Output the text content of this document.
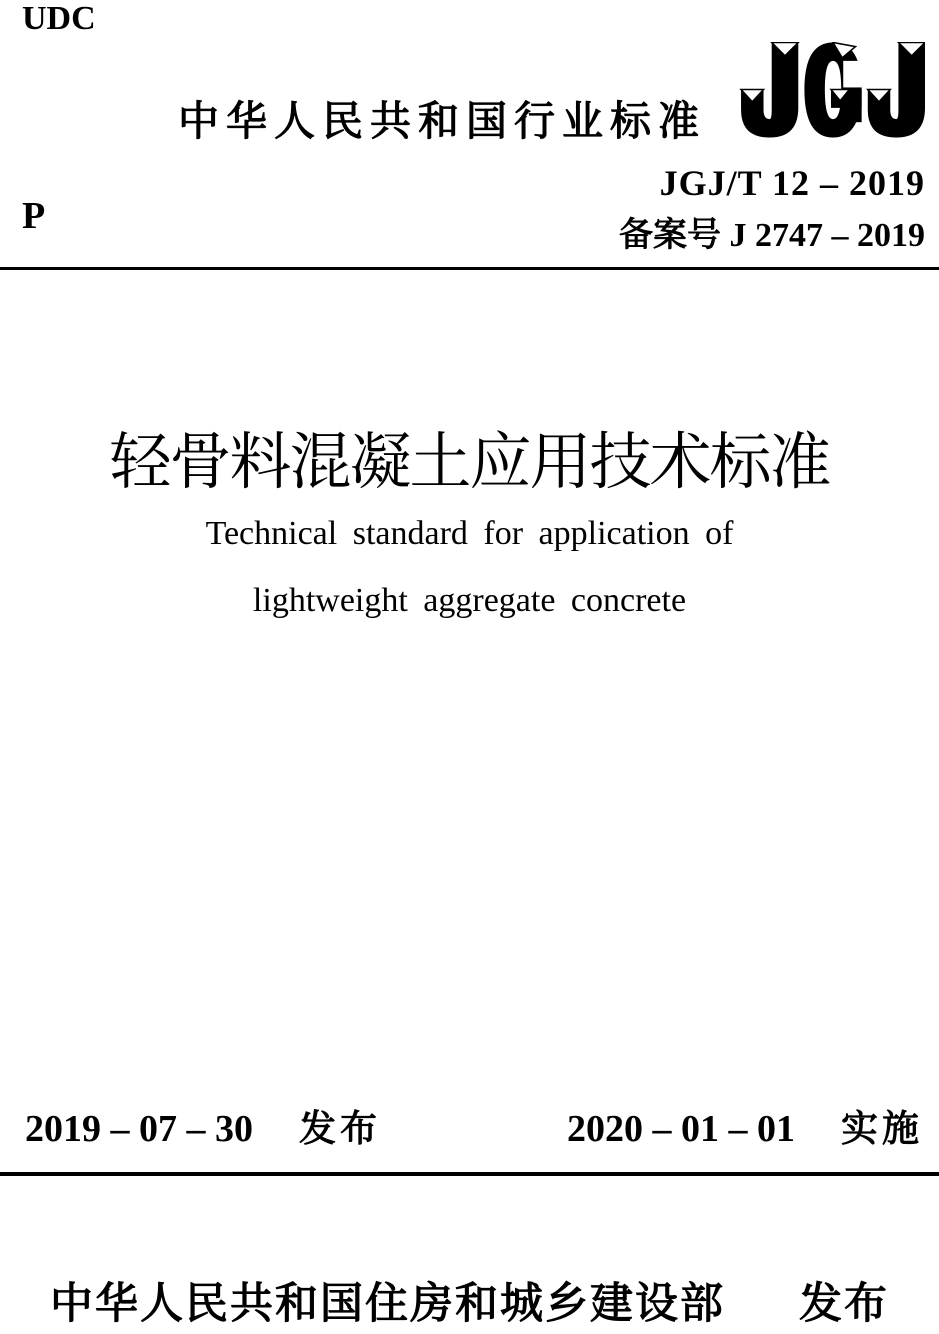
UDC
中华人民共和国行业标准
JGJ/T 12 – 2019
备案号 J 2747 – 2019
P
轻骨料混凝土应用技术标准
Technical standard for application of
lightweight aggregate concrete
2019 – 07 – 30 发布	2020 – 01 – 01 实施
中华人民共和国住房和城乡建设部 发布
